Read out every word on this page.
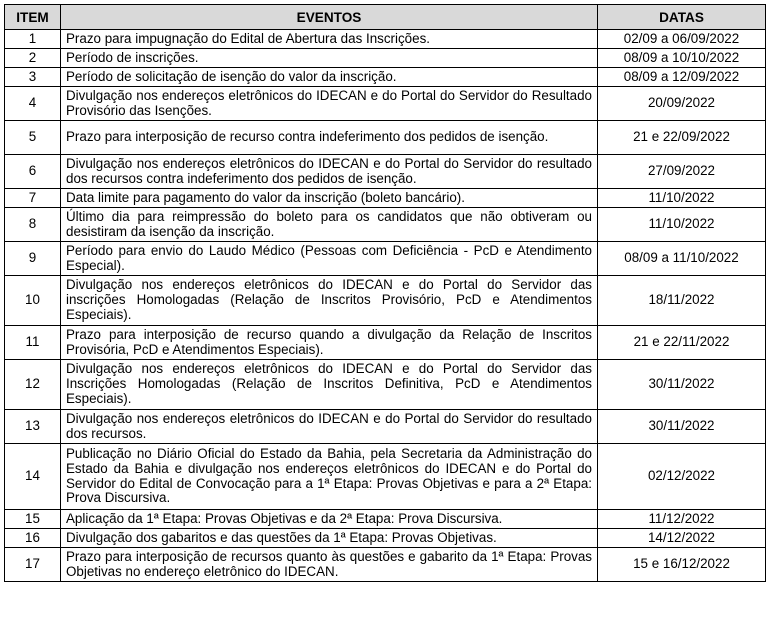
ITEM	EVENTOS	DATAS
1	Prazo para impugnação do Edital de Abertura das Inscrições.	02/09 a 06/09/2022
2	Período de inscrições.	08/09 a 10/10/2022
3	Período de solicitação de isenção do valor da inscrição.	08/09 a 12/09/2022
4	Divulgação nos endereços eletrônicos do IDECAN e do Portal do Servidor do Resultado Provisório das Isenções.	20/09/2022
5	Prazo para interposição de recurso contra indeferimento dos pedidos de isenção.	21 e 22/09/2022
6	Divulgação nos endereços eletrônicos do IDECAN e do Portal do Servidor do resultado dos recursos contra indeferimento dos pedidos de isenção.	27/09/2022
7	Data limite para pagamento do valor da inscrição (boleto bancário).	11/10/2022
8	Último dia para reimpressão do boleto para os candidatos que não obtiveram ou desistiram da isenção da inscrição.	11/10/2022
9	Período para envio do Laudo Médico (Pessoas com Deficiência - PcD e Atendimento Especial).	08/09 a 11/10/2022
10	Divulgação nos endereços eletrônicos do IDECAN e do Portal do Servidor das inscrições Homologadas (Relação de Inscritos Provisório, PcD e Atendimentos Especiais).	18/11/2022
11	Prazo para interposição de recurso quando a divulgação da Relação de Inscritos Provisória, PcD e Atendimentos Especiais).	21 e 22/11/2022
12	Divulgação nos endereços eletrônicos do IDECAN e do Portal do Servidor das Inscrições Homologadas (Relação de Inscritos Definitiva, PcD e Atendimentos Especiais).	30/11/2022
13	Divulgação nos endereços eletrônicos do IDECAN e do Portal do Servidor do resultado dos recursos.	30/11/2022
14	Publicação no Diário Oficial do Estado da Bahia, pela Secretaria da Administração do Estado da Bahia e divulgação nos endereços eletrônicos do IDECAN e do Portal do Servidor do Edital de Convocação para a 1ª Etapa: Provas Objetivas e para a 2ª Etapa: Prova Discursiva.	02/12/2022
15	Aplicação da 1ª Etapa: Provas Objetivas e da 2ª Etapa: Prova Discursiva.	11/12/2022
16	Divulgação dos gabaritos e das questões da 1ª Etapa: Provas Objetivas.	14/12/2022
17	Prazo para interposição de recursos quanto às questões e gabarito da 1ª Etapa: Provas Objetivas no endereço eletrônico do IDECAN.	15 e 16/12/2022
